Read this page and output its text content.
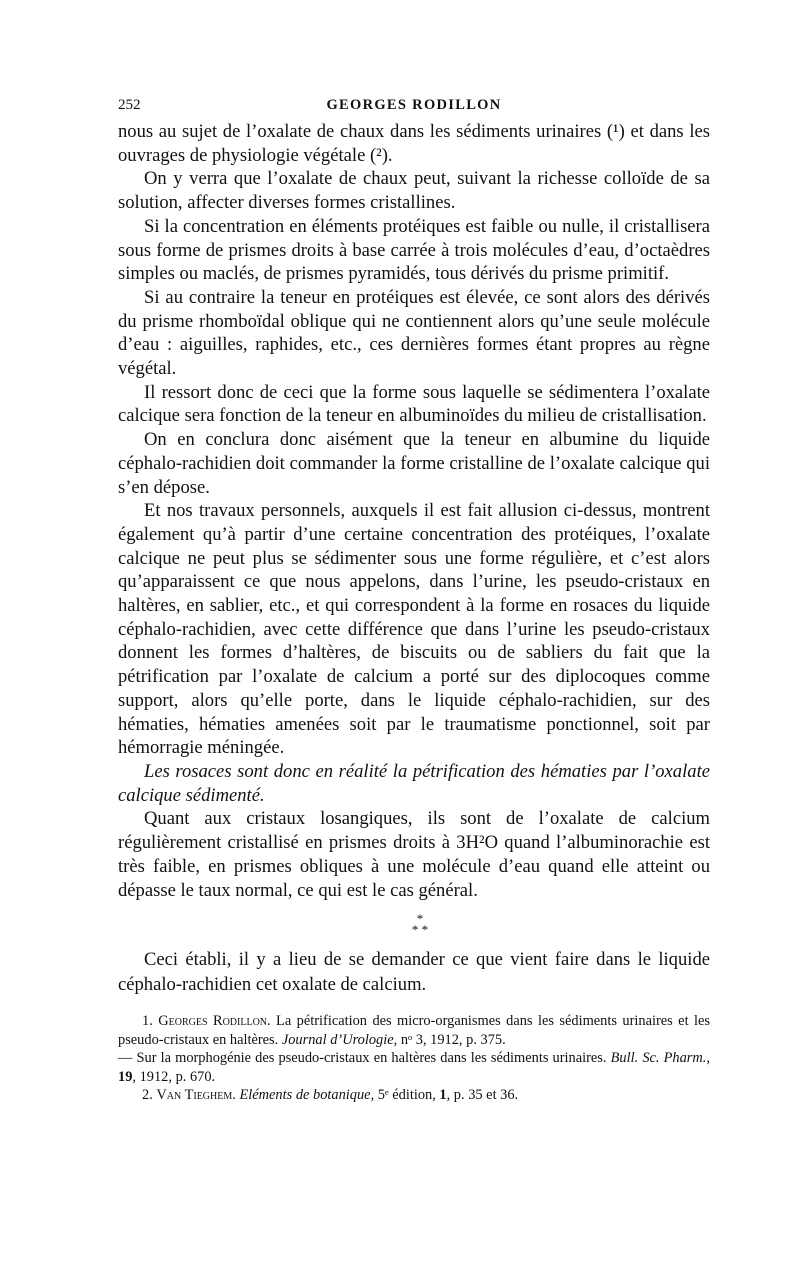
252	GEORGES RODILLON

nous au sujet de l’oxalate de chaux dans les sédiments urinaires (¹) et dans les ouvrages de physiologie végétale (²).

On y verra que l’oxalate de chaux peut, suivant la richesse colloïde de sa solution, affecter diverses formes cristallines.

Si la concentration en éléments protéiques est faible ou nulle, il cristallisera sous forme de prismes droits à base carrée à trois molécules d’eau, d’octaèdres simples ou maclés, de prismes pyramidés, tous dérivés du prisme primitif.

Si au contraire la teneur en protéiques est élevée, ce sont alors des dérivés du prisme rhomboïdal oblique qui ne contiennent alors qu’une seule molécule d’eau : aiguilles, raphides, etc., ces dernières formes étant propres au règne végétal.

Il ressort donc de ceci que la forme sous laquelle se sédimentera l’oxalate calcique sera fonction de la teneur en albuminoïdes du milieu de cristallisation.

On en conclura donc aisément que la teneur en albumine du liquide céphalo-rachidien doit commander la forme cristalline de l’oxalate calcique qui s’en dépose.

Et nos travaux personnels, auxquels il est fait allusion ci-dessus, montrent également qu’à partir d’une certaine concentration des protéiques, l’oxalate calcique ne peut plus se sédimenter sous une forme régulière, et c’est alors qu’apparaissent ce que nous appelons, dans l’urine, les pseudo-cristaux en haltères, en sablier, etc., et qui correspondent à la forme en rosaces du liquide céphalo-rachidien, avec cette différence que dans l’urine les pseudo-cristaux donnent les formes d’haltères, de biscuits ou de sabliers du fait que la pétrification par l’oxalate de calcium a porté sur des diplocoques comme support, alors qu’elle porte, dans le liquide céphalo-rachidien, sur des hématies, hématies amenées soit par le traumatisme ponctionnel, soit par hémorragie méningée.

Les rosaces sont donc en réalité la pétrification des hématies par l’oxalate calcique sédimenté.

Quant aux cristaux losangiques, ils sont de l’oxalate de calcium régulièrement cristallisé en prismes droits à 3H²O quand l’albuminorachie est très faible, en prismes obliques à une molécule d’eau quand elle atteint ou dépasse le taux normal, ce qui est le cas général.

*
* *

Ceci établi, il y a lieu de se demander ce que vient faire dans le liquide céphalo-rachidien cet oxalate de calcium.

1. Georges Rodillon. La pétrification des micro-organismes dans les sédiments urinaires et les pseudo-cristaux en haltères. Journal d’Urologie, nᵒ 3, 1912, p. 375.

— Sur la morphogénie des pseudo-cristaux en haltères dans les sédiments urinaires. Bull. Sc. Pharm., 19, 1912, p. 670.

2. Van Tieghem. Eléments de botanique, 5ᵉ édition, 1, p. 35 et 36.
